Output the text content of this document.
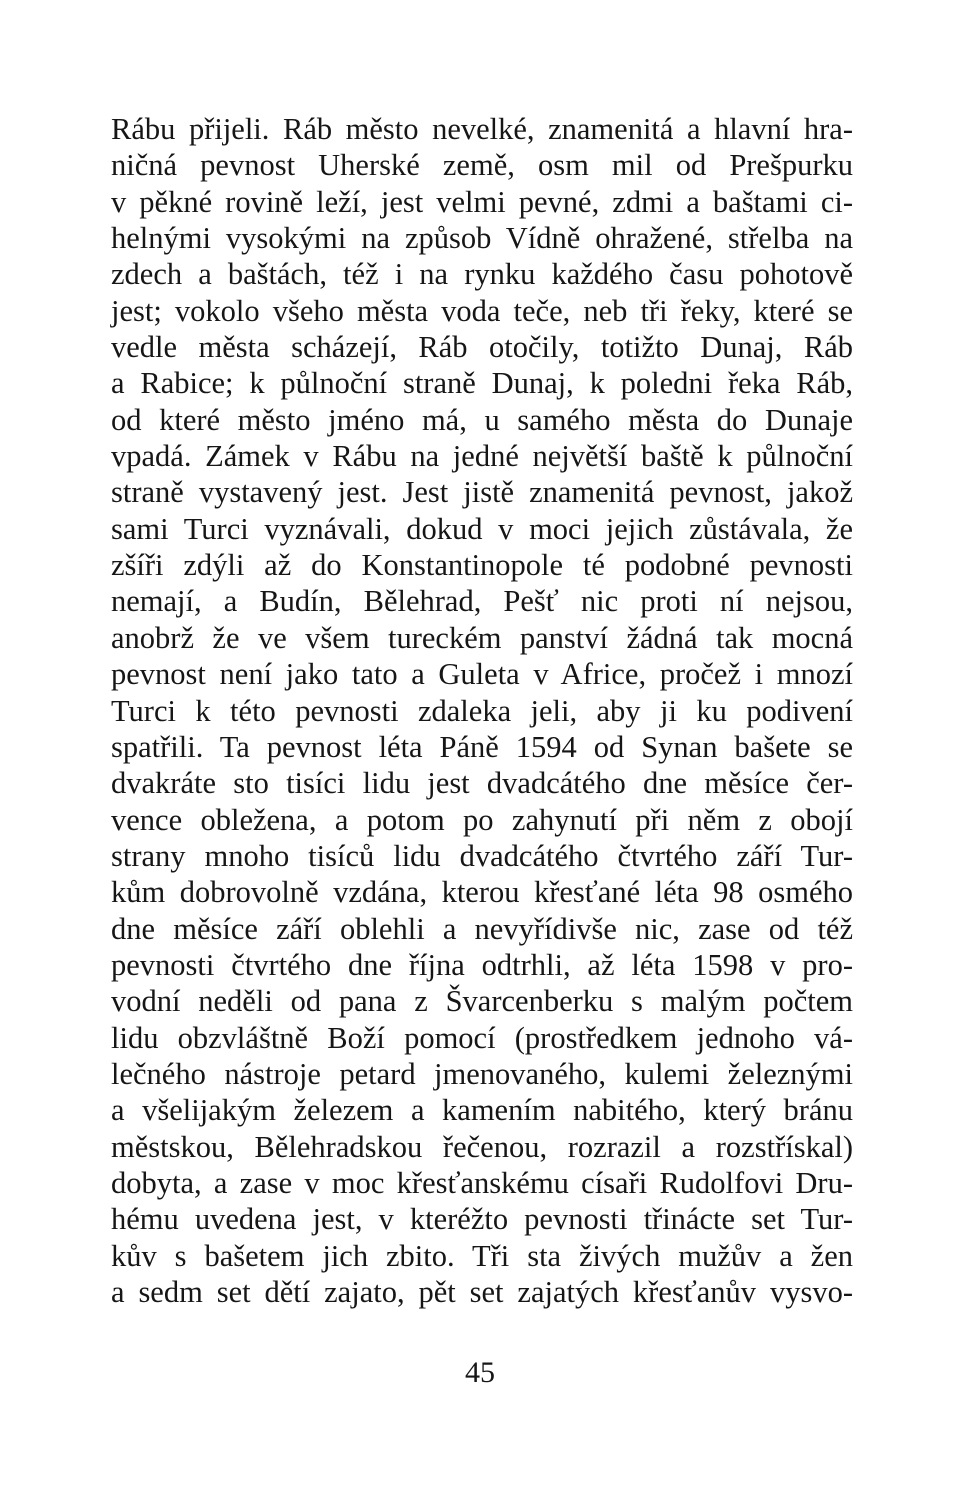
Rábu přijeli. Ráb město nevelké, znamenitá a hlavní hra-
ničná pevnost Uherské země, osm mil od Prešpurku
v pěkné rovině leží, jest velmi pevné, zdmi a baštami ci-
helnými vysokými na způsob Vídně ohražené, střelba na
zdech a baštách, též i na rynku každého času pohotově
jest; vokolo všeho města voda teče, neb tři řeky, které se
vedle města scházejí, Ráb otočily, totižto Dunaj, Ráb
a Rabice; k půlnoční straně Dunaj, k poledni řeka Ráb,
od které město jméno má, u samého města do Dunaje
vpadá. Zámek v Rábu na jedné největší baště k půlnoční
straně vystavený jest. Jest jistě znamenitá pevnost, jakož
sami Turci vyznávali, dokud v moci jejich zůstávala, že
zšíři zdýli až do Konstantinopole té podobné pevnosti
nemají, a Budín, Bělehrad, Pešť nic proti ní nejsou,
anobrž že ve všem tureckém panství žádná tak mocná
pevnost není jako tato a Guleta v Africe, pročež i mnozí
Turci k této pevnosti zdaleka jeli, aby ji ku podivení
spatřili. Ta pevnost léta Páně 1594 od Synan bašete se
dvakráte sto tisíci lidu jest dvadcátého dne měsíce čer-
vence obležena, a potom po zahynutí při něm z obojí
strany mnoho tisíců lidu dvadcátého čtvrtého září Tur-
kům dobrovolně vzdána, kterou křesťané léta 98 osmého
dne měsíce září oblehli a nevyřídivše nic, zase od též
pevnosti čtvrtého dne října odtrhli, až léta 1598 v pro-
vodní neděli od pana z Švarcenberku s malým počtem
lidu obzvláštně Boží pomocí (prostředkem jednoho vá-
lečného nástroje petard jmenovaného, kulemi železnými
a všelijakým železem a kamením nabitého, který bránu
městskou, Bělehradskou řečenou, rozrazil a rozstřískal)
dobyta, a zase v moc křesťanskému císaři Rudolfovi Dru-
hému uvedena jest, v kteréžto pevnosti třinácte set Tur-
kův s bašetem jich zbito. Tři sta živých mužův a žen
a sedm set dětí zajato, pět set zajatých křesťanův vysvo-
45
